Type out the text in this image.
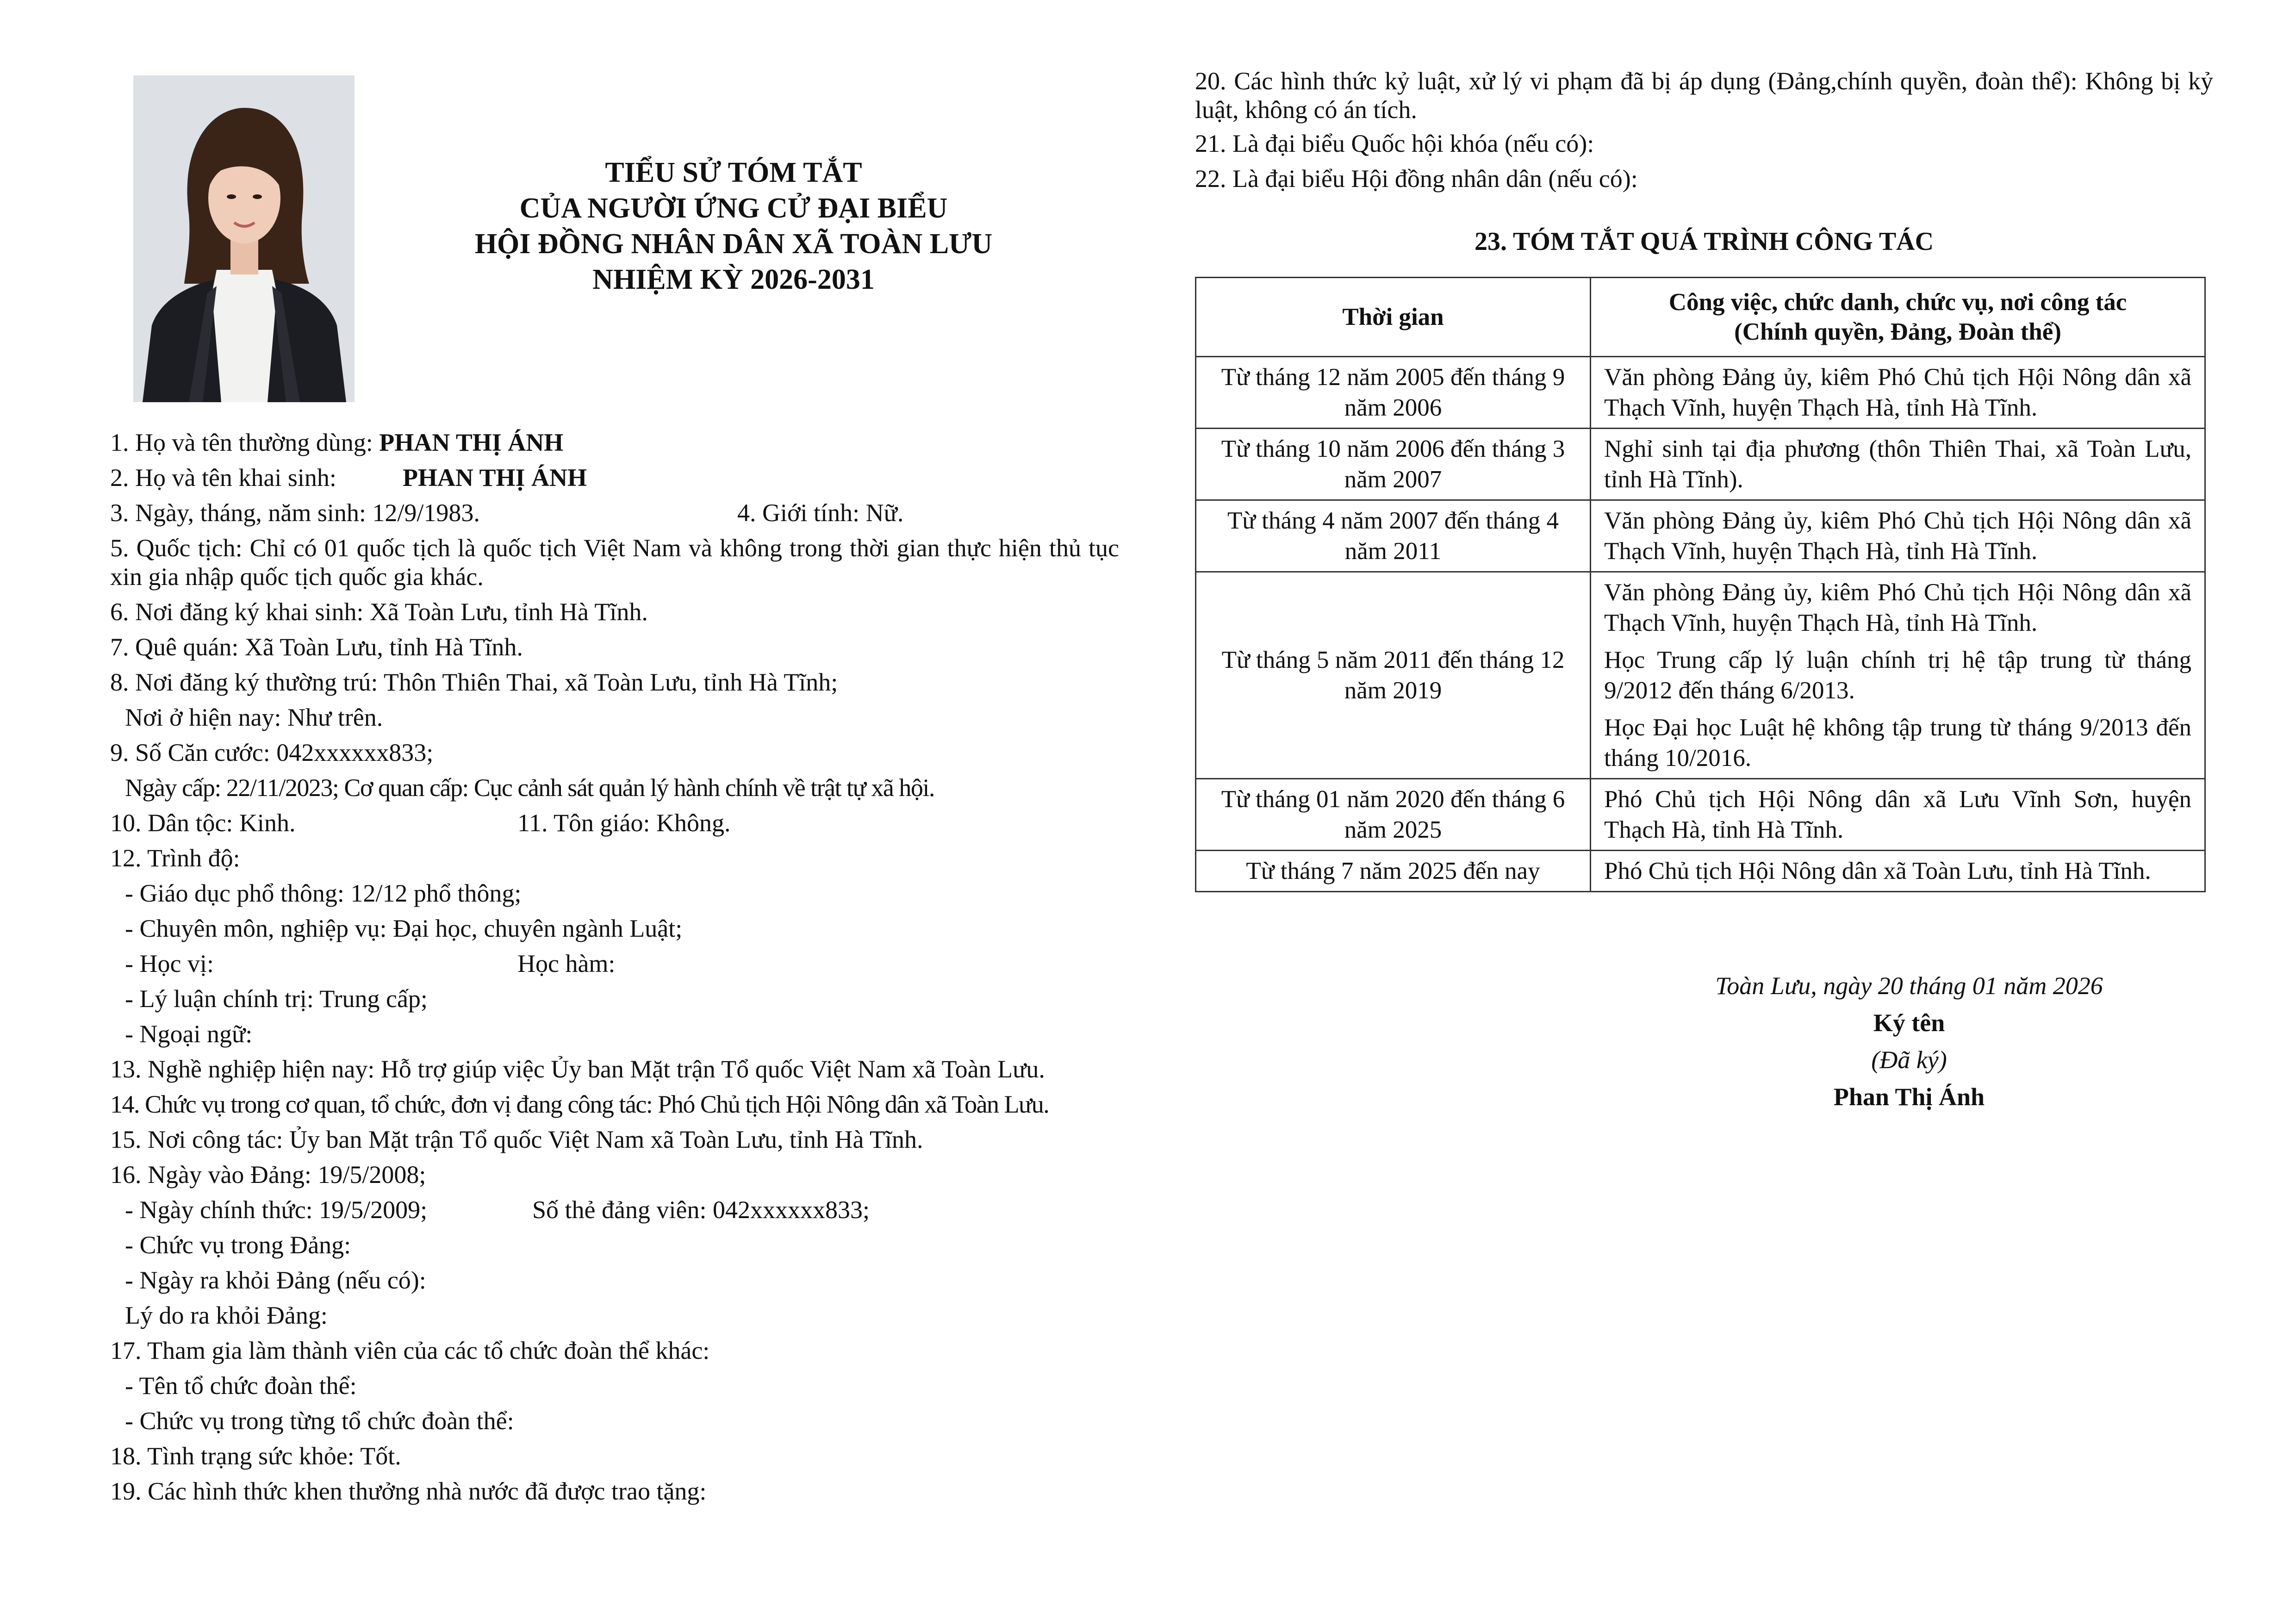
TIỂU SỬ TÓM TẮT
CỦA NGƯỜI ỨNG CỬ ĐẠI BIỂU
HỘI ĐỒNG NHÂN DÂN XÃ TOÀN LƯU
NHIỆM KỲ 2026-2031
1. Họ và tên thường dùng: PHAN THỊ ÁNH
2. Họ và tên khai sinh:	PHAN THỊ ÁNH
3. Ngày, tháng, năm sinh: 12/9/1983.	4. Giới tính: Nữ.
5. Quốc tịch: Chỉ có 01 quốc tịch là quốc tịch Việt Nam và không trong thời gian thực hiện thủ tục xin gia nhập quốc tịch quốc gia khác.
6. Nơi đăng ký khai sinh: Xã Toàn Lưu, tỉnh Hà Tĩnh.
7. Quê quán: Xã Toàn Lưu, tỉnh Hà Tĩnh.
8. Nơi đăng ký thường trú: Thôn Thiên Thai, xã Toàn Lưu, tỉnh Hà Tĩnh;
Nơi ở hiện nay: Như trên.
9. Số Căn cước: 042xxxxxx833;
Ngày cấp: 22/11/2023; Cơ quan cấp: Cục cảnh sát quản lý hành chính về trật tự xã hội.
10. Dân tộc: Kinh.	11. Tôn giáo: Không.
12. Trình độ:
- Giáo dục phổ thông: 12/12 phổ thông;
- Chuyên môn, nghiệp vụ: Đại học, chuyên ngành Luật;
- Học vị:	Học hàm:
- Lý luận chính trị: Trung cấp;
- Ngoại ngữ:
13. Nghề nghiệp hiện nay: Hỗ trợ giúp việc Ủy ban Mặt trận Tổ quốc Việt Nam xã Toàn Lưu.
14. Chức vụ trong cơ quan, tổ chức, đơn vị đang công tác: Phó Chủ tịch Hội Nông dân xã Toàn Lưu.
15. Nơi công tác: Ủy ban Mặt trận Tổ quốc Việt Nam xã Toàn Lưu, tỉnh Hà Tĩnh.
16. Ngày vào Đảng: 19/5/2008;
- Ngày chính thức: 19/5/2009;	Số thẻ đảng viên: 042xxxxxx833;
- Chức vụ trong Đảng:
- Ngày ra khỏi Đảng (nếu có):
Lý do ra khỏi Đảng:
17. Tham gia làm thành viên của các tổ chức đoàn thể khác:
- Tên tổ chức đoàn thể:
- Chức vụ trong từng tổ chức đoàn thể:
18. Tình trạng sức khỏe: Tốt.
19. Các hình thức khen thưởng nhà nước đã được trao tặng:
20. Các hình thức kỷ luật, xử lý vi phạm đã bị áp dụng (Đảng,chính quyền, đoàn thể): Không bị kỷ luật, không có án tích.
21. Là đại biểu Quốc hội khóa (nếu có):
22. Là đại biểu Hội đồng nhân dân (nếu có):
23. TÓM TẮT QUÁ TRÌNH CÔNG TÁC
Thời gian	Công việc, chức danh, chức vụ, nơi công tác
(Chính quyền, Đảng, Đoàn thể)

Từ tháng 12 năm 2005 đến tháng 9 năm 2006	Văn phòng Đảng ủy, kiêm Phó Chủ tịch Hội Nông dân xã Thạch Vĩnh, huyện Thạch Hà, tỉnh Hà Tĩnh.

Từ tháng 10 năm 2006 đến tháng 3 năm 2007	Nghỉ sinh tại địa phương (thôn Thiên Thai, xã Toàn Lưu, tỉnh Hà Tĩnh).

Từ tháng 4 năm 2007 đến tháng 4 năm 2011	Văn phòng Đảng ủy, kiêm Phó Chủ tịch Hội Nông dân xã Thạch Vĩnh, huyện Thạch Hà, tỉnh Hà Tĩnh.

Từ tháng 5 năm 2011 đến tháng 12 năm 2019	Văn phòng Đảng ủy, kiêm Phó Chủ tịch Hội Nông dân xã Thạch Vĩnh, huyện Thạch Hà, tỉnh Hà Tĩnh.

Học Trung cấp lý luận chính trị hệ tập trung từ tháng 9/2012 đến tháng 6/2013.

Học Đại học Luật hệ không tập trung từ tháng 9/2013 đến tháng 10/2016.

Từ tháng 01 năm 2020 đến tháng 6 năm 2025	Phó Chủ tịch Hội Nông dân xã Lưu Vĩnh Sơn, huyện Thạch Hà, tỉnh Hà Tĩnh.

Từ tháng 7 năm 2025 đến nay	Phó Chủ tịch Hội Nông dân xã Toàn Lưu, tỉnh Hà Tĩnh.

Toàn Lưu, ngày 20 tháng 01 năm 2026
Ký tên
(Đã ký)
Phan Thị Ánh
